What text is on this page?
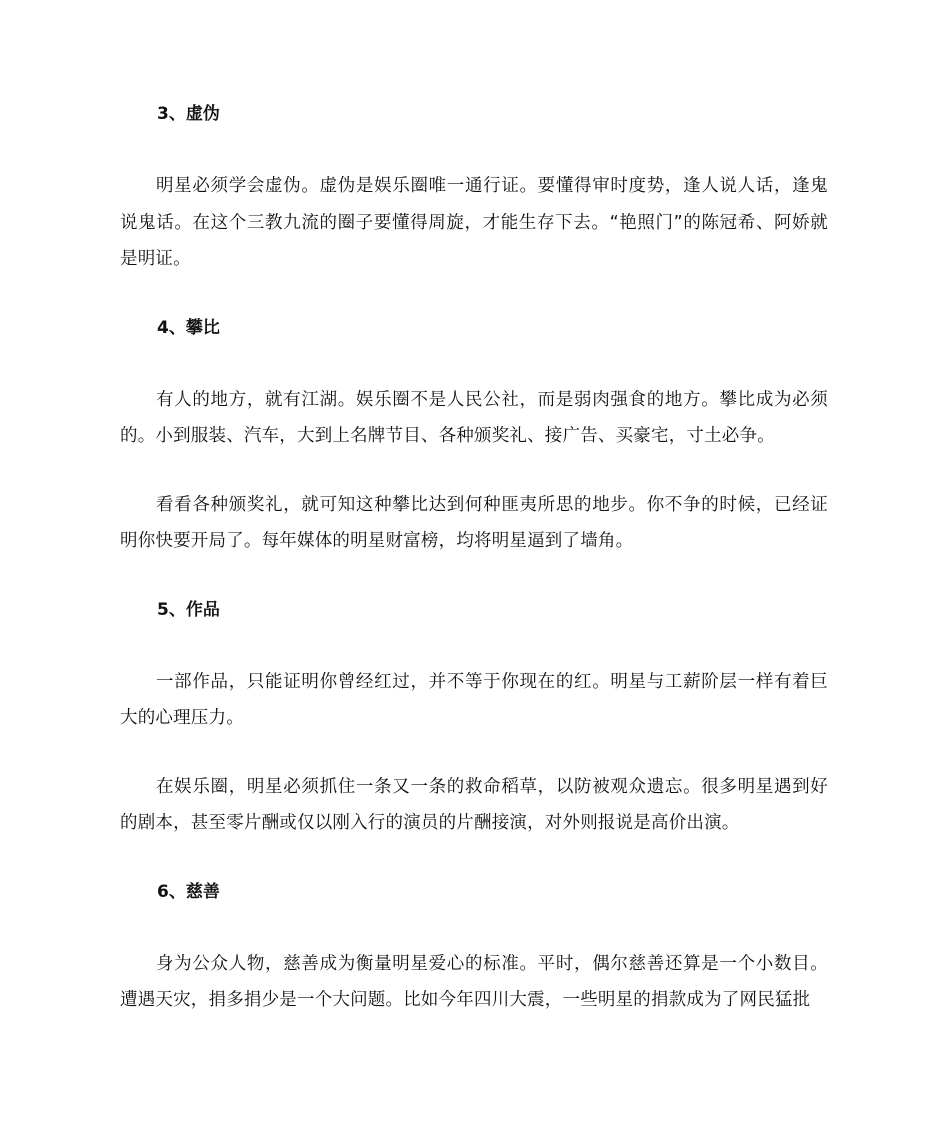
3、虚伪

明星必须学会虚伪。虚伪是娱乐圈唯一通行证。要懂得审时度势，逢人说人话，逢鬼说鬼话。在这个三教九流的圈子要懂得周旋，才能生存下去。“艳照门”的陈冠希、阿娇就是明证。

4、攀比

有人的地方，就有江湖。娱乐圈不是人民公社，而是弱肉强食的地方。攀比成为必须的。小到服装、汽车，大到上名牌节目、各种颁奖礼、接广告、买豪宅，寸土必争。

看看各种颁奖礼，就可知这种攀比达到何种匪夷所思的地步。你不争的时候，已经证明你快要开局了。每年媒体的明星财富榜，均将明星逼到了墙角。

5、作品

一部作品，只能证明你曾经红过，并不等于你现在的红。明星与工薪阶层一样有着巨大的心理压力。

在娱乐圈，明星必须抓住一条又一条的救命稻草，以防被观众遗忘。很多明星遇到好的剧本，甚至零片酬或仅以刚入行的演员的片酬接演，对外则报说是高价出演。

6、慈善

身为公众人物，慈善成为衡量明星爱心的标准。平时，偶尔慈善还算是一个小数目。遭遇天灾，捐多捐少是一个大问题。比如今年四川大震，一些明星的捐款成为了网民猛批
